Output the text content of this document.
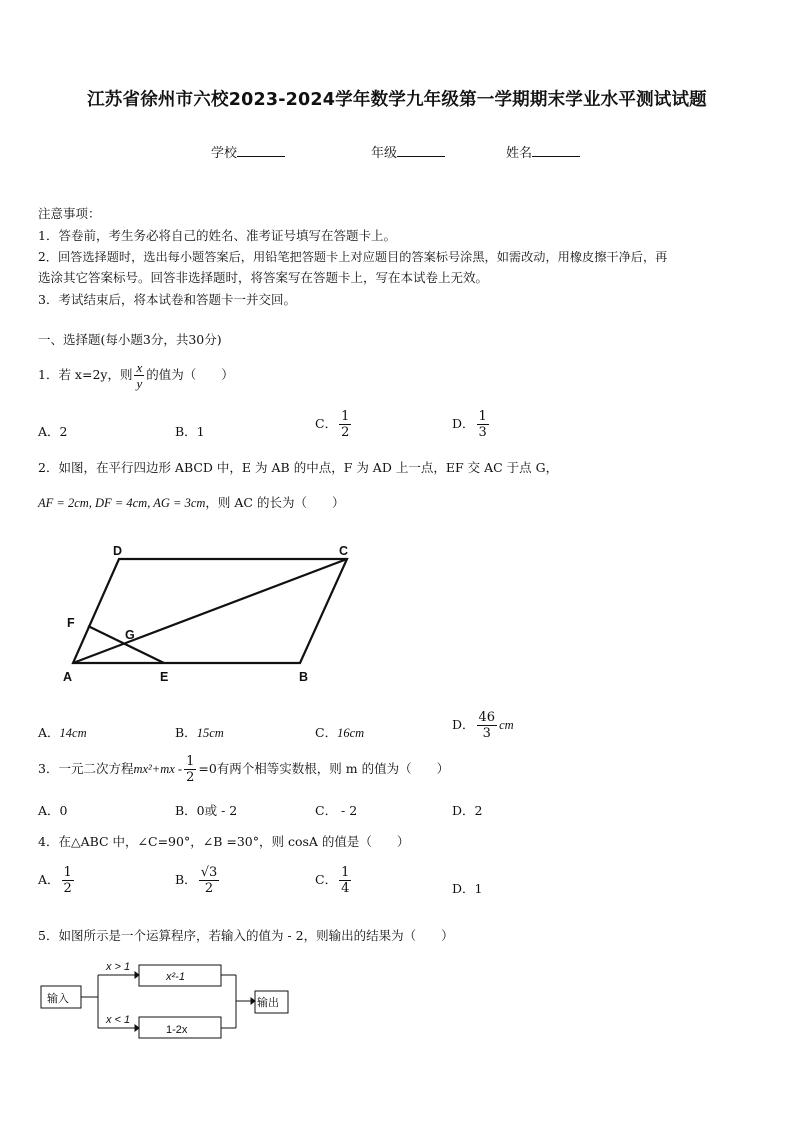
江苏省徐州市六校2023-2024学年数学九年级第一学期期末学业水平测试试题
学校	年级	姓名
注意事项：
1．答卷前，考生务必将自己的姓名、准考证号填写在答题卡上。
2．回答选择题时，选出每小题答案后，用铅笔把答题卡上对应题目的答案标号涂黑，如需改动，用橡皮擦干净后，再
选涂其它答案标号。回答非选择题时，将答案写在答题卡上，写在本试卷上无效。
3．考试结束后，将本试卷和答题卡一并交回。
一、选择题(每小题3分，共30分)
1．若 x=2y，则 $\frac{x}{y}$ 的值为（　　）
A．2	B．1
C． $\frac{1}{2}$	D． $\frac{1}{3}$
2．如图，在平行四边形 ABCD 中，E 为 AB 的中点，F 为 AD 上一点，EF 交 AC 于点 G，
AF = 2cm, DF = 4cm, AG = 3cm，则 AC 的长为（　　）
D	C
F
G
A	E	B
A．14cm	B．15cm	C．16cm
D． $\frac{46}{3}$ cm
3．一元二次方程$mx^2+mx - \frac{1}{2} =0$有两个相等实数根，则 m 的值为（　　）
A．0	B．0或 - 2	C． - 2	D．2
4．在△ABC 中，∠C=90°，∠B =30°，则 cosA 的值是（　　）
A． $\frac{1}{2}$	B． $\frac{√3}{2}$	C． $\frac{1}{4}$	D．1
5．如图所示是一个运算程序，若输入的值为 - 2，则输出的结果为（　　）
输入
x > 1
x < 1
x²-1
1-2x
输出
